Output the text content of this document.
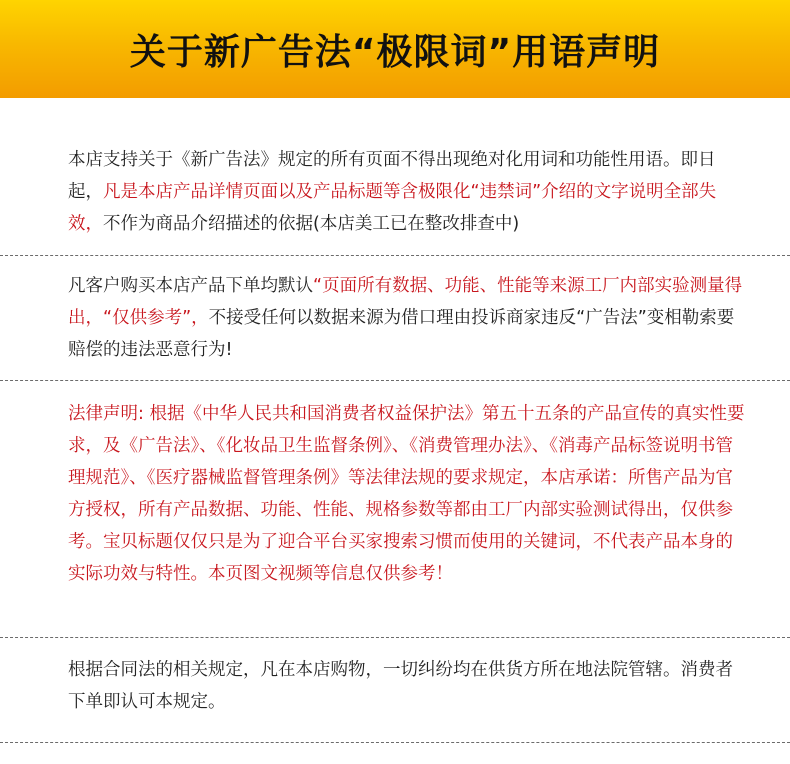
关于新广告法“极限词”用语声明
本店支持关于《新广告法》规定的所有页面不得出现绝对化用词和功能性用语。即日起，凡是本店产品详情页面以及产品标题等含极限化“违禁词”介绍的文字说明全部失效，不作为商品介绍描述的依据(本店美工已在整改排查中)
凡客户购买本店产品下单均默认“页面所有数据、功能、性能等来源工厂内部实验测量得出，“仅供参考”，不接受任何以数据来源为借口理由投诉商家违反“广告法”变相勒索要赔偿的违法恶意行为!
法律声明: 根据《中华人民共和国消费者权益保护法》第五十五条的产品宣传的真实性要求，及《广告法》、《化妆品卫生监督条例》、《消费管理办法》、《消毒产品标签说明书管理规范》、《医疗器械监督管理条例》等法律法规的要求规定，本店承诺：所售产品为官方授权，所有产品数据、功能、性能、规格参数等都由工厂内部实验测试得出，仅供参考。宝贝标题仅仅只是为了迎合平台买家搜索习惯而使用的关键词，不代表产品本身的实际功效与特性。本页图文视频等信息仅供参考！
根据合同法的相关规定，凡在本店购物，一切纠纷均在供货方所在地法院管辖。消费者下单即认可本规定。
